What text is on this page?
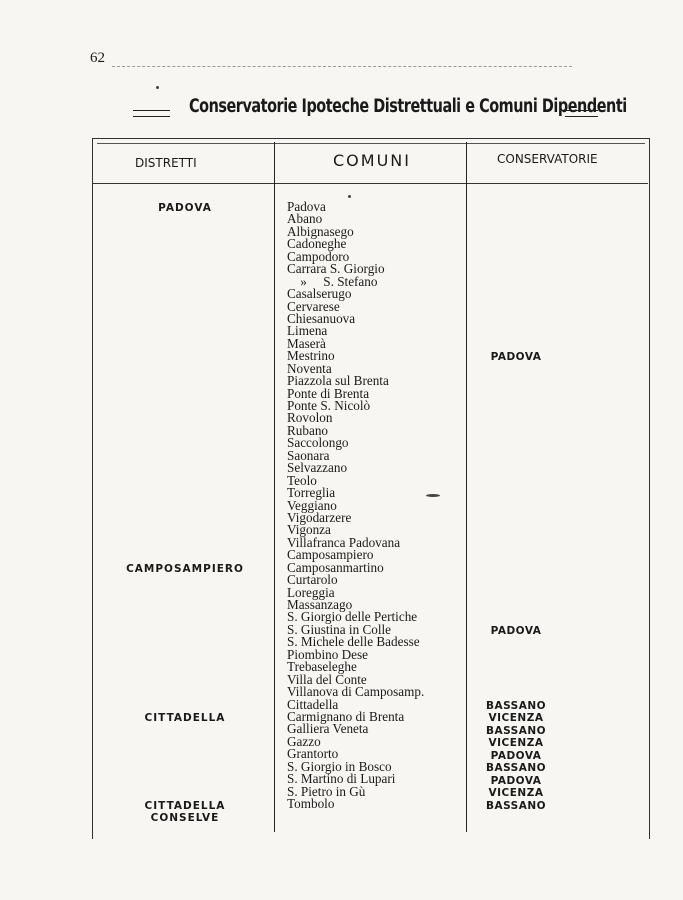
62
Conservatorie Ipoteche Distrettuali e Comuni Dipendenti
DISTRETTI	COMUNI	CONSERVATORIE
Padova
Abano
Albignasego
Cadoneghe
Campodoro
Carrara S. Giorgio
»     S. Stefano
Casalserugo
Cervarese
Chiesanuova
Limena
Maserà
Mestrino
Noventa
Piazzola sul Brenta
Ponte di Brenta
Ponte S. Nicolò
Rovolon
Rubano
Saccolongo
Saonara
Selvazzano
Teolo
Torreglia
Veggiano
Vigodarzere
Vigonza
Villafranca Padovana
Camposampiero
Camposanmartino
Curtarolo
Loreggia
Massanzago
S. Giorgio delle Pertiche
S. Giustina in Colle
S. Michele delle Badesse
Piombino Dese
Trebaseleghe
Villa del Conte
Villanova di Camposamp.
Cittadella
Carmignano di Brenta
Galliera Veneta
Gazzo
Grantorto
S. Giorgio in Bosco
S. Martino di Lupari
S. Pietro in Gù
Tombolo
PADOVA
CAMPOSAMPIERO
CITTADELLA
CITTADELLA
CONSELVE
PADOVA
PADOVA
BASSANO
VICENZA
BASSANO
VICENZA
PADOVA
BASSANO
PADOVA
VICENZA
BASSANO
